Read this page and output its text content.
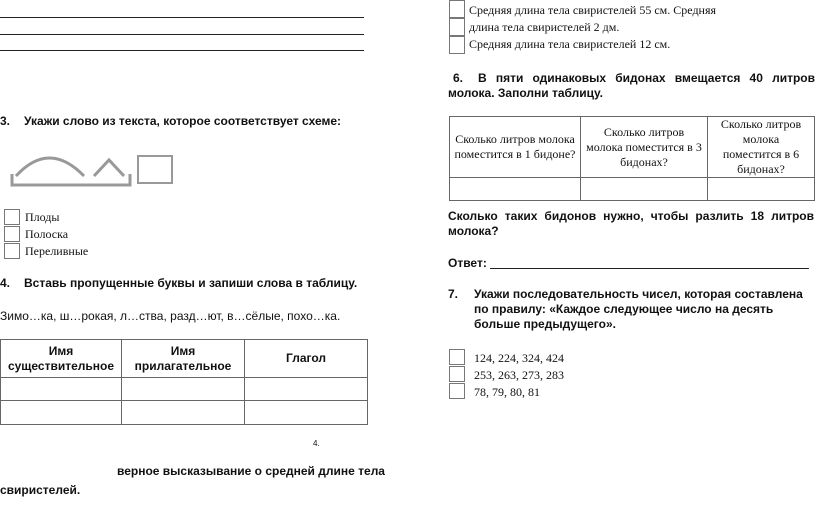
3. Укажи слово из текста, которое соответствует схеме:
Плоды
Полоска
Переливные
4. Вставь пропущенные буквы и запиши слова в таблицу.
Зимо…ка, ш…рокая, л…ства, разд…ют, в…сёлые, похо…ка.
Имя существительное	Имя прилагательное	Глагол

4.
верное высказывание о средней длине тела
свиристелей.
Средняя длина тела свиристелей 55 см. Средняя
длина тела свиристелей 2 дм.
Средняя длина тела свиристелей 12 см.
6.	В пяти одинаковых бидонах вмещается 40 литров молока. Заполни таблицу.
Сколько литров молока поместится в 1 бидоне?	Сколько литров молока поместится в 3 бидонах?	Сколько литров молока поместится в 6 бидонах?

Сколько таких бидонов нужно, чтобы разлить 18 литров молока?
Ответ:
7. Укажи последовательность чисел, которая составлена по правилу: «Каждое следующее число на десять больше предыдущего».
124, 224, 324, 424
253, 263, 273, 283
78, 79, 80, 81
